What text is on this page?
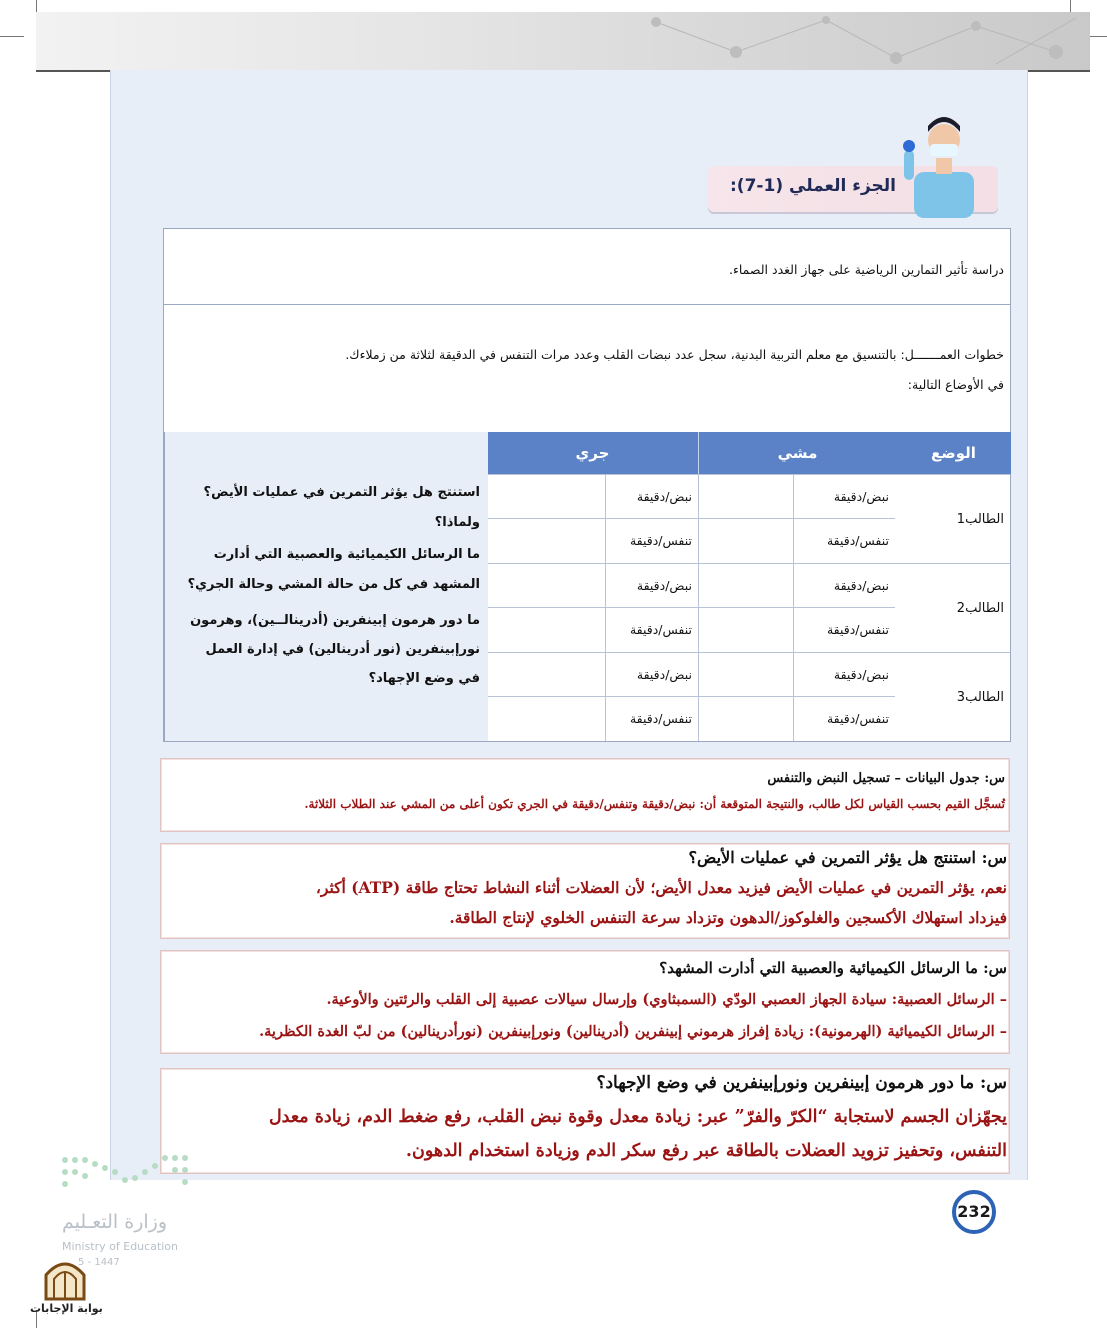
الجزء العملي (1-7):
دراسة تأثير التمارين الرياضية على جهاز الغدد الصماء.
خطوات العمـــــــل: بالتنسيق مع معلم التربية البدنية، سجل عدد نبضات القلب وعدد مرات التنفس في الدقيقة لثلاثة من زملاءك.
في الأوضاع التالية:
الوضع
مشي
جري
الطالب1
الطالب2
الطالب3
نبض/دقيقة
تنفس/دقيقة
نبض/دقيقة
تنفس/دقيقة
نبض/دقيقة
تنفس/دقيقة
نبض/دقيقة
تنفس/دقيقة
نبض/دقيقة
تنفس/دقيقة
نبض/دقيقة
تنفس/دقيقة

استنتج هل يؤثر التمرين في عمليات الأيض؟

ولماذا؟

ما الرسائل الكيميائية والعصبية التي أدارت

المشهد في كل من حالة المشي وحالة الجري؟

ما دور هرمون إبينفرين (أدرينالــين)، وهرمون

نورإبينفرين (نور أدرينالين) في إدارة العمل

في وضع الإجهاد؟

س: جدول البيانات – تسجيل النبض والتنفس
تُسجَّل القيم بحسب القياس لكل طالب، والنتيجة المتوقعة أن: نبض/دقيقة وتنفس/دقيقة في الجري تكون أعلى من المشي عند الطلاب الثلاثة.
س: استنتج هل يؤثر التمرين في عمليات الأيض؟
نعم، يؤثر التمرين في عمليات الأيض فيزيد معدل الأيض؛ لأن العضلات أثناء النشاط تحتاج طاقة (ATP) أكثر،
فيزداد استهلاك الأكسجين والغلوكوز/الدهون وتزداد سرعة التنفس الخلوي لإنتاج الطاقة.
س: ما الرسائل الكيميائية والعصبية التي أدارت المشهد؟
– الرسائل العصبية: سيادة الجهاز العصبي الودّي (السمبثاوي) وإرسال سيالات عصبية إلى القلب والرئتين والأوعية.
– الرسائل الكيميائية (الهرمونية): زيادة إفراز هرموني إبينفرين (أدرينالين) ونورإبينفرين (نورأدرينالين) من لبّ الغدة الكظرية.
س: ما دور هرمون إبينفرين ونورإبينفرين في وضع الإجهاد؟
يجهّزان الجسم لاستجابة “الكرّ والفرّ” عبر: زيادة معدل وقوة نبض القلب، رفع ضغط الدم، زيادة معدل
التنفس، وتحفيز تزويد العضلات بالطاقة عبر رفع سكر الدم وزيادة استخدام الدهون.
وزارة التعـليم
Ministry of Education
5 - 1447
232
بوابة الإجابات
